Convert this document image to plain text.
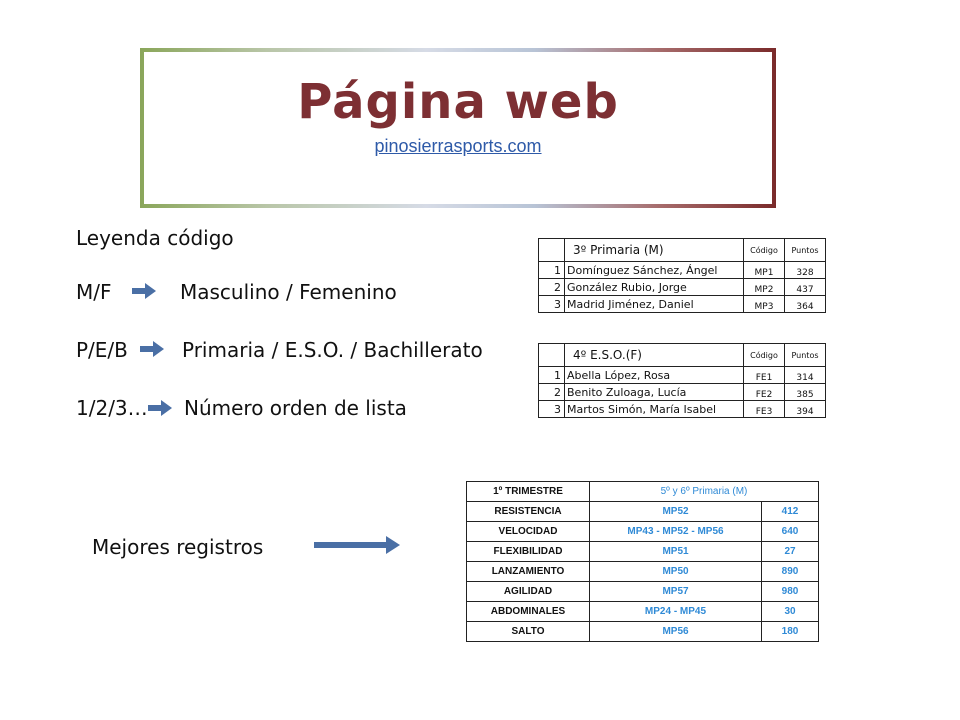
Página web
pinosierrasports.com
Leyenda código
M/F	Masculino / Femenino
P/E/B	Primaria / E.S.O. / Bachillerato
1/2/3… Número orden de lista
Mejores registros
	3º Primaria (M)	Código	Puntos
1	Domínguez Sánchez, Ángel	MP1	328
2	González Rubio, Jorge	MP2	437
3	Madrid Jiménez, Daniel	MP3	364
	4º E.S.O.(F)	Código	Puntos
1	Abella López, Rosa	FE1	314
2	Benito Zuloaga, Lucía	FE2	385
3	Martos Simón, María Isabel	FE3	394
1º TRIMESTRE	5º y 6º Primaria (M)	
RESISTENCIA	MP52	412
VELOCIDAD	MP43 - MP52 - MP56	640
FLEXIBILIDAD	MP51	27
LANZAMIENTO	MP50	890
AGILIDAD	MP57	980
ABDOMINALES	MP24 - MP45	30
SALTO	MP56	180
